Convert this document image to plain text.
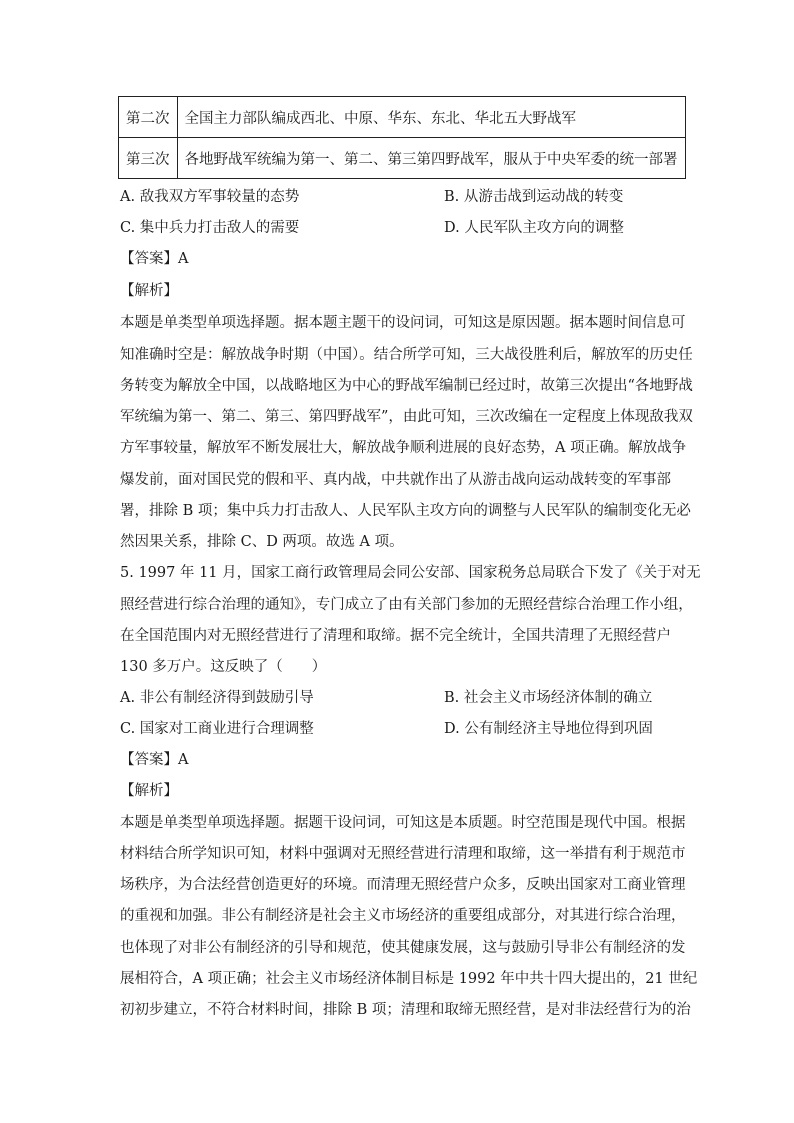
第二次	全国主力部队编成西北、中原、华东、东北、华北五大野战军
第三次	各地野战军统编为第一、第二、第三第四野战军，服从于中央军委的统一部署
A. 敌我双方军事较量的态势	B. 从游击战到运动战的转变
C. 集中兵力打击敌人的需要	D. 人民军队主攻方向的调整
【答案】A
【解析】
本题是单类型单项选择题。据本题主题干的设问词，可知这是原因题。据本题时间信息可
知准确时空是：解放战争时期（中国）。结合所学可知，三大战役胜利后，解放军的历史任
务转变为解放全中国，以战略地区为中心的野战军编制已经过时，故第三次提出“各地野战
军统编为第一、第二、第三、第四野战军”，由此可知，三次改编在一定程度上体现敌我双
方军事较量，解放军不断发展壮大，解放战争顺利进展的良好态势，A 项正确。解放战争
爆发前，面对国民党的假和平、真内战，中共就作出了从游击战向运动战转变的军事部
署，排除 B 项；集中兵力打击敌人、人民军队主攻方向的调整与人民军队的编制变化无必
然因果关系，排除 C、D 两项。故选 A 项。
5. 1997 年 11 月，国家工商行政管理局会同公安部、国家税务总局联合下发了《关于对无
照经营进行综合治理的通知》，专门成立了由有关部门参加的无照经营综合治理工作小组，
在全国范围内对无照经营进行了清理和取缔。据不完全统计，全国共清理了无照经营户
130 多万户。这反映了（　　）
A. 非公有制经济得到鼓励引导	B. 社会主义市场经济体制的确立
C. 国家对工商业进行合理调整	D. 公有制经济主导地位得到巩固
【答案】A
【解析】
本题是单类型单项选择题。据题干设问词，可知这是本质题。时空范围是现代中国。根据
材料结合所学知识可知，材料中强调对无照经营进行清理和取缔，这一举措有利于规范市
场秩序，为合法经营创造更好的环境。而清理无照经营户众多，反映出国家对工商业管理
的重视和加强。非公有制经济是社会主义市场经济的重要组成部分，对其进行综合治理，
也体现了对非公有制经济的引导和规范，使其健康发展，这与鼓励引导非公有制经济的发
展相符合，A 项正确；社会主义市场经济体制目标是 1992 年中共十四大提出的，21 世纪
初初步建立，不符合材料时间，排除 B 项；清理和取缔无照经营，是对非法经营行为的治
